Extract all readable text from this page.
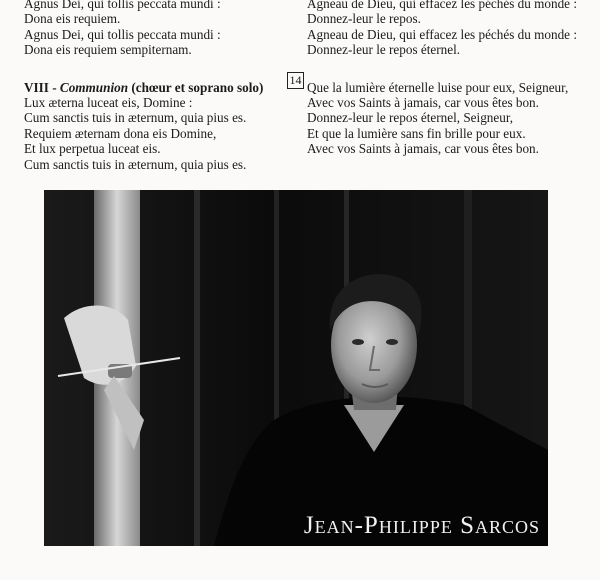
Agnus Dei, qui tollis peccata mundi :
Dona eis requiem.
Agnus Dei, qui tollis peccata mundi :
Dona eis requiem sempiternam.
VIII - Communion (chœur et soprano solo)
Lux æterna luceat eis, Domine :
Cum sanctis tuis in æternum, quia pius es.
Requiem æternam dona eis Domine,
Et lux perpetua luceat eis.
Cum sanctis tuis in æternum, quia pius es.
14
Agneau de Dieu, qui effacez les péchés du monde :
Donnez-leur le repos.
Agneau de Dieu, qui effacez les péchés du monde :
Donnez-leur le repos éternel.
Que la lumière éternelle luise pour eux, Seigneur,
Avec vos Saints à jamais, car vous êtes bon.
Donnez-leur le repos éternel, Seigneur,
Et que la lumière sans fin brille pour eux.
Avec vos Saints à jamais, car vous êtes bon.
Jean-Philippe Sarcos
